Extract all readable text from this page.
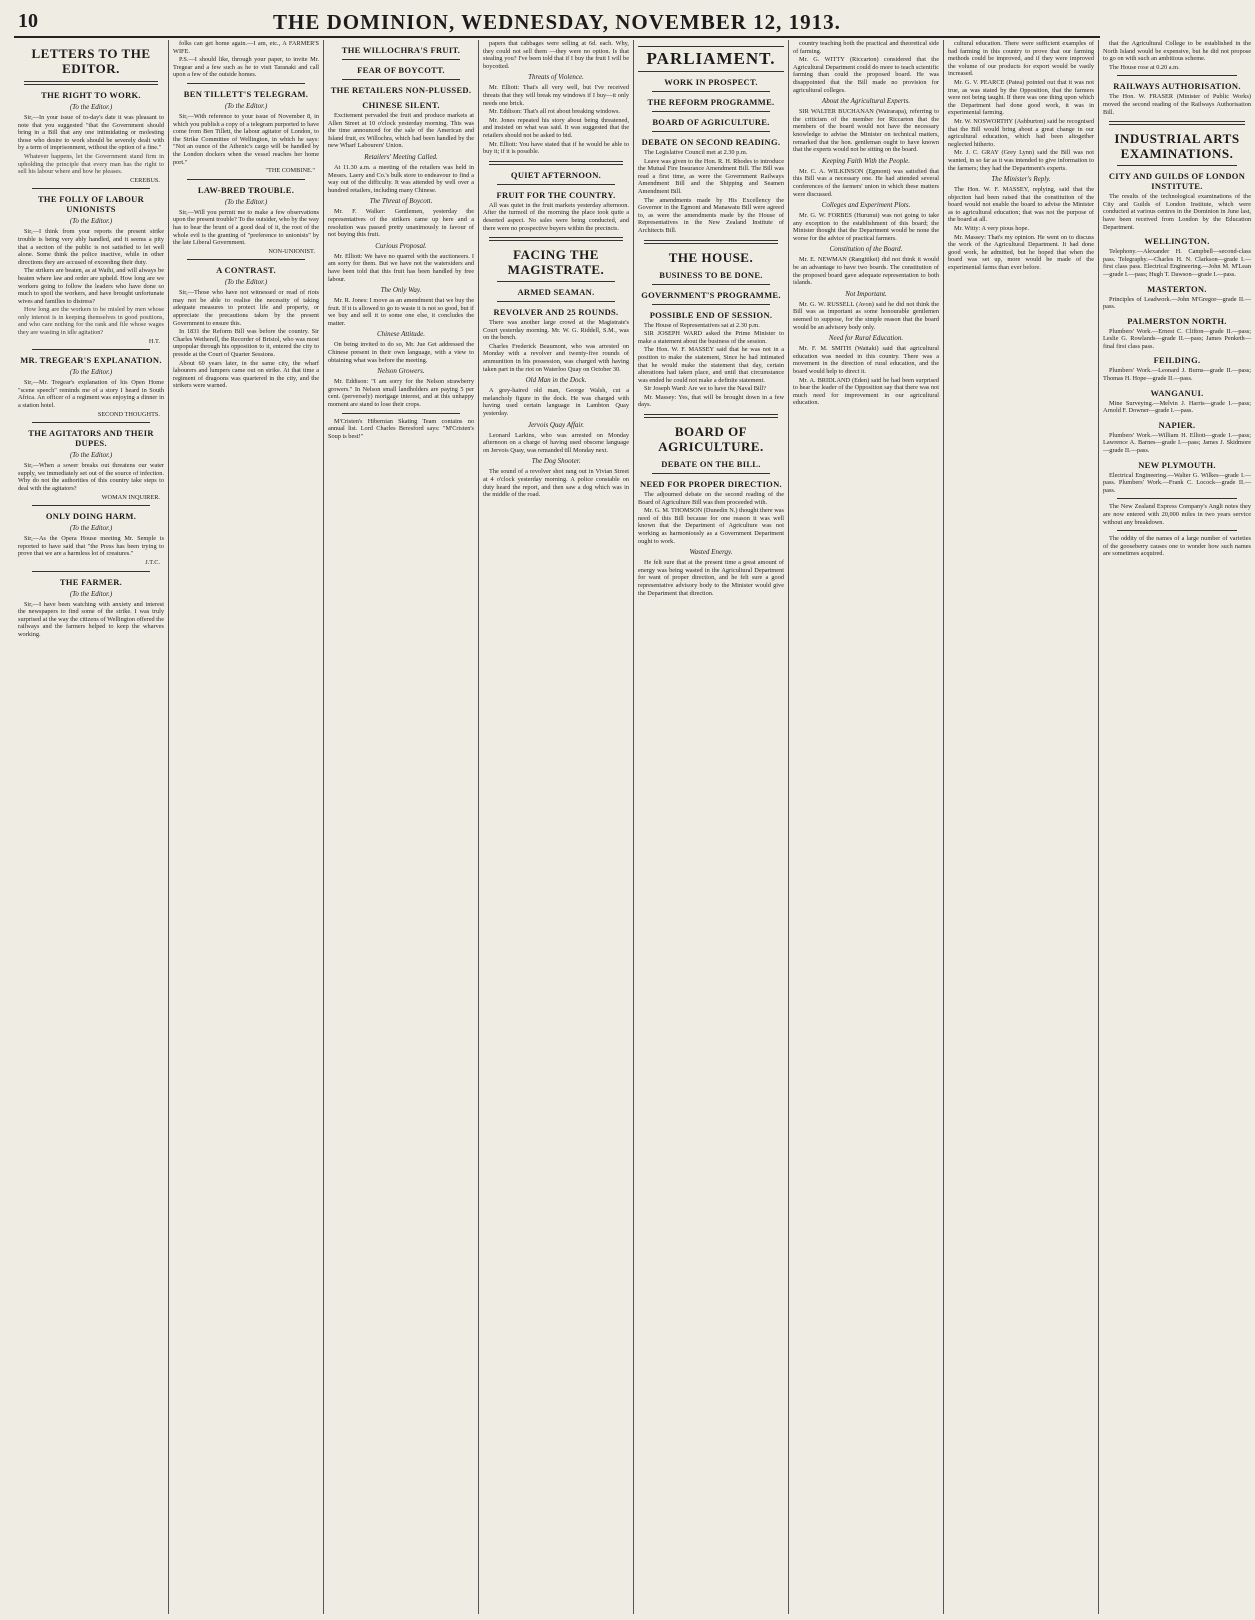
10	THE DOMINION, WEDNESDAY, NOVEMBER 12, 1913.
LETTERS TO THE EDITOR.
THE RIGHT TO WORK.
(To the Editor.)

Sir,—In your issue of to-day's date it was pleasant to note that you suggested "that the Government should bring in a Bill that any one intimidating or molesting those who desire to work should be severely dealt with by a term of imprisonment, without the option of a fine."

Whatever happens, let the Government stand firm in upholding the principle that every man has the right to sell his labour where and how he pleases.

CEREBUS.
THE FOLLY OF LABOUR UNIONISTS
(To the Editor.)

Sir,—I think from your reports the present strike trouble is being very ably handled, and it seems a pity that a section of the public is not satisfied to let well alone. Some think the police inactive, while in other directions they are accused of exceeding their duty.

The strikers are beaten, as at Waihi, and will always be beaten where law and order are upheld. How long are we workers going to follow the leaders who have done so much to spoil the workers, and have brought unfortunate wives and families to distress?

How long are the workers to be misled by men whose only interest is in keeping themselves in good positions, and who care nothing for the rank and file whose wages they are wasting in idle agitation?

H.T.
MR. TREGEAR'S EXPLANATION.
(To the Editor.)

Sir,—Mr. Tregear's explanation of his Open Home "scene speech" reminds me of a story I heard in South Africa. An officer of a regiment was enjoying a dinner in a station hotel.

SECOND THOUGHTS.
THE AGITATORS AND THEIR DUPES.
(To the Editor.)

Sir,—When a sower breaks out threatens our water supply, we immediately set out of the source of infection. Why do not the authorities of this country take steps to deal with the agitators?

WOMAN INQUIRER.
ONLY DOING HARM.
(To the Editor.)

Sir,—As the Opera House meeting Mr. Semple is reported to have said that "the Press has been trying to prove that we are a harmless lot of creatures."

J.T.C.
THE FARMER.
(To the Editor.)

Sir,—I have been watching with anxiety and interest the newspapers to find some of the strike. I was truly surprised at the way the citizens of Wellington offered the railways and the farmers helped to keep the wharves working.

folks can get home again.—I am, etc., A FARMER'S WIFE.

P.S.—I should like, through your paper, to invite Mr. Tregear and a few such as he to visit Taranaki and call upon a few of the outside homes.

BEN TILLETT'S TELEGRAM.
(To the Editor.)

Sir,—With reference to your issue of November 8, in which you publish a copy of a telegram purported to have come from Ben Tillett, the labour agitator of London, to the Strike Committee of Wellington, in which he says: "Not an ounce of the Athenic's cargo will be handled by the London dockers when the vessel reaches her home port."

"THE COMBINE."
LAW-BRED TROUBLE.
(To the Editor.)

Sir,—Will you permit me to make a few observations upon the present trouble? To the outsider, who by the way has to bear the brunt of a good deal of it, the root of the whole evil is the granting of "preference to unionists" by the late Liberal Government.

NON-UNIONIST.
A CONTRAST.
(To the Editor.)

Sir,—Those who have not witnessed or read of riots may not be able to realise the necessity of taking adequate measures to protect life and property, or appreciate the precautions taken by the present Government to ensure this.

In 1831 the Reform Bill was before the country. Sir Charles Wetherell, the Recorder of Bristol, who was most unpopular through his opposition to it, entered the city to preside at the Court of Quarter Sessions.

About 60 years later, in the same city, the wharf labourers and lumpers came out on strike. At that time a regiment of dragoons was quartered in the city, and the strikers were warned.

THE WILLOCHRA'S FRUIT.
FEAR OF BOYCOTT.
THE RETAILERS NON-PLUSSED.
CHINESE SILENT.

Excitement pervaded the fruit and produce markets at Allen Street at 10 o'clock yesterday morning. This was the time announced for the sale of the American and Island fruit, ex Willochra, which had been handled by the new Wharf Labourers' Union.

Retailers' Meeting Called.

At 11.30 a.m. a meeting of the retailers was held in Messrs. Laery and Co.'s bulk store to endeavour to find a way out of the difficulty. It was attended by well over a hundred retailers, including many Chinese.

The Threat of Boycott.

Mr. F. Walker: Gentlemen, yesterday the representatives of the strikers came up here and a resolution was passed pretty unanimously in favour of not buying this fruit.

Curious Proposal.

Mr. Elliott: We have no quarrel with the auctioneers. I am sorry for them. But we have not the watersiders and have been told that this fruit has been handled by free labour.

The Only Way.

Mr. R. Jones: I move as an amendment that we buy the fruit. If it is allowed to go to waste it is not so good, but if we buy and sell it to some one else, it concludes the matter.

Chinese Attitude.

On being invited to do so, Mr. Jue Get addressed the Chinese present in their own language, with a view to obtaining what was before the meeting.

Nelson Growers.

Mr. Eddison: "I am sorry for the Nelson strawberry growers." In Nelson small landholders are paying 5 per cent. (perversely) mortgage interest, and at this unhappy moment are stand to lose their crops.

M'Cristen's Hibernian Skating Team contains no annual list. Lord Charles Beresford says: "M'Cristen's Soup is best!"

papers that cabbages were selling at 6d. each. Why, they could not sell them —they were no option. Is that stealing you? I've been told that if I buy the fruit I will be boycotted.

Threats of Violence.

Mr. Elliott: That's all very well, but I've received threats that they will break my windows if I buy—it only needs one brick.

Mr. Eddison: That's all rot about breaking windows.

Mr. Jones repeated his story about being threatened, and insisted on what was said. It was suggested that the retailers should not be asked to bid.

Mr. Elliott: You have stated that if he would be able to buy it; if it is possible.

QUIET AFTERNOON.
FRUIT FOR THE COUNTRY.

All was quiet in the fruit markets yesterday afternoon. After the turmoil of the morning the place took quite a deserted aspect. No sales were being conducted, and there were no prospective buyers within the precincts.

FACING THE MAGISTRATE.
ARMED SEAMAN.
REVOLVER AND 25 ROUNDS.

There was another large crowd at the Magistrate's Court yesterday morning. Mr. W. G. Riddell, S.M., was on the bench.

Charles Frederick Beaumont, who was arrested on Monday with a revolver and twenty-five rounds of ammunition in his possession, was charged with having taken part in the riot on Waterloo Quay on October 30.

Old Man in the Dock.

A grey-haired old man, George Walsh, cut a melancholy figure in the dock. He was charged with having used certain language in Lambton Quay yesterday.

Jervois Quay Affair.

Leonard Larkins, who was arrested on Monday afternoon on a charge of having used obscene language on Jervois Quay, was remanded till Monday next.

The Dog Shooter.

The sound of a revolver shot rang out in Vivian Street at 4 o'clock yesterday morning. A police constable on duty heard the report, and then saw a dog which was in the middle of the road.

PARLIAMENT.
WORK IN PROSPECT.
THE REFORM PROGRAMME.
BOARD OF AGRICULTURE.
DEBATE ON SECOND READING.

The Legislative Council met at 2.30 p.m.

Leave was given to the Hon. R. H. Rhodes to introduce the Mutual Fire Insurance Amendment Bill. The Bill was read a first time, as were the Government Railways Amendment Bill and the Shipping and Seamen Amendment Bill.

The amendments made by His Excellency the Governor in the Egmont and Manawatu Bill were agreed to, as were the amendments made by the House of Representatives in the New Zealand Institute of Architects Bill.

THE HOUSE.
BUSINESS TO BE DONE.
GOVERNMENT'S PROGRAMME.
POSSIBLE END OF SESSION.

The House of Representatives sat at 2.30 p.m.

SIR JOSEPH WARD asked the Prime Minister to make a statement about the business of the session.

The Hon. W. F. MASSEY said that he was not in a position to make the statement, Since he had intimated that he would make the statement that day, certain alterations had taken place, and until that circumstance was ended he could not make a definite statement.

Sir Joseph Ward: Are we to have the Naval Bill?

Mr. Massey: Yes, that will be brought down in a few days.

BOARD OF AGRICULTURE.
DEBATE ON THE BILL.
NEED FOR PROPER DIRECTION.

The adjourned debate on the second reading of the Board of Agriculture Bill was then proceeded with.

Mr. G. M. THOMSON (Dunedin N.) thought there was need of this Bill because for one reason it was well known that the Department of Agriculture was not working as harmoniously as a Government Department ought to work.

Wasted Energy.

He felt sure that at the present time a great amount of energy was being wasted in the Agricultural Department for want of proper direction, and he felt sure a good representative advisory body to the Minister would give the Department that direction.

country teaching both the practical and theoretical side of farming.

Mr. G. WITTY (Riccarton) considered that the Agricultural Department could do more to teach scientific farming than could the proposed board. He was disappointed that the Bill made no provision for agricultural colleges.

About the Agricultural Experts.

SIR WALTER BUCHANAN (Wairarapa), referring to the criticism of the member for Riccarton that the members of the board would not have the necessary knowledge to advise the Minister on technical matters, remarked that the hon. gentleman ought to have known that the experts would not be sitting on the board.

Keeping Faith With the People.

Mr. C. A. WILKINSON (Egmont) was satisfied that this Bill was a necessary one. He had attended several conferences of the farmers' union in which these matters were discussed.

Colleges and Experiment Plots.

Mr. G. W. FORBES (Hurunui) was not going to take any exception to the establishment of this board; the Minister thought that the Department would be none the worse for the advice of practical farmers.

Constitution of the Board.

Mr. E. NEWMAN (Rangitikei) did not think it would be an advantage to have two boards. The constitution of the proposed board gave adequate representation to both islands.

Not Important.

Mr. G. W. RUSSELL (Avon) said he did not think the Bill was as important as some honourable gentlemen seemed to suppose, for the simple reason that the board would be an advisory body only.

Need for Rural Education.

Mr. F. M. SMITH (Waitaki) said that agricultural education was needed in this country. There was a movement in the direction of rural education, and the board would help to direct it.

Mr. A. BRIDLAND (Eden) said he had been surprised to hear the leader of the Opposition say that there was not much need for improvement in our agricultural education.

cultural education. There were sufficient examples of bad farming in this country to prove that our farming methods could be improved, and if they were improved the volume of our products for export would be vastly increased.

Mr. G. V. PEARCE (Patea) pointed out that it was not true, as was stated by the Opposition, that the farmers were not being taught. If there was one thing upon which the Department had done good work, it was in experimental farming.

Mr. W. NOSWORTHY (Ashburton) said he recognised that the Bill would bring about a great change in our agricultural education, which had been altogether neglected hitherto.

Mr. J. C. GRAY (Grey Lynn) said the Bill was not wanted, in so far as it was intended to give information to the farmers; they had the Department's experts.

The Minister's Reply.

The Hon. W. F. MASSEY, replying, said that the objection had been raised that the constitution of the board would not enable the board to advise the Minister as to agricultural education; that was not the purpose of the board at all.

Mr. Witty: A very pious hope.

Mr. Massey: That's my opinion. He went on to discuss the work of the Agricultural Department. It had done good work, he admitted, but he hoped that when the board was set up, more would be made of the experimental farms than ever before.

that the Agricultural College to be established in the North Island would be expensive, but he did not propose to go on with such an ambitious scheme.

The House rose at 0.20 a.m.

RAILWAYS AUTHORISATION.

The Hon. W. FRASER (Minister of Public Works) moved the second reading of the Railways Authorisation Bill.

INDUSTRIAL ARTS EXAMINATIONS.
CITY AND GUILDS OF LONDON INSTITUTE.

The results of the technological examinations of the City and Guilds of London Institute, which were conducted at various centres in the Dominion in June last, have been received from London by the Education Department.

WELLINGTON.

Telephony.—Alexander H. Campbell—second-class pass. Telegraphy.—Charles H. N. Clarkson—grade I.—first class pass. Electrical Engineering.—John M. M'Lean—grade I.—pass; Hugh T. Dawson—grade I.—pass.

MASTERTON.

Principles of Leadwork.—John M'Gregor—grade II.—pass.

PALMERSTON NORTH.

Plumbers' Work.—Ernest C. Clifton—grade II.—pass; Leslie G. Rowlands—grade II.—pass; James Penketh—final first class pass.

FEILDING.

Plumbers' Work.—Leonard J. Burns—grade II.—pass; Thomas H. Hope—grade II.—pass.

WANGANUI.

Mine Surveying.—Melvin J. Harris—grade I.—pass; Arnold F. Downer—grade I.—pass.

NAPIER.

Plumbers' Work.—William H. Elliott—grade I.—pass; Lawrence A. Barnes—grade I.—pass; James J. Skidmore—grade II.—pass.

NEW PLYMOUTH.

Electrical Engineering.—Walter G. Wilkes—grade I.—pass. Plumbers' Work.—Frank C. Locock—grade II.—pass.

The New Zealand Express Company's Angli notes they are now entered with 20,000 miles in two years service without any breakdown.

The oddity of the names of a large number of varieties of the gooseberry causes one to wonder how such names are sometimes acquired.
